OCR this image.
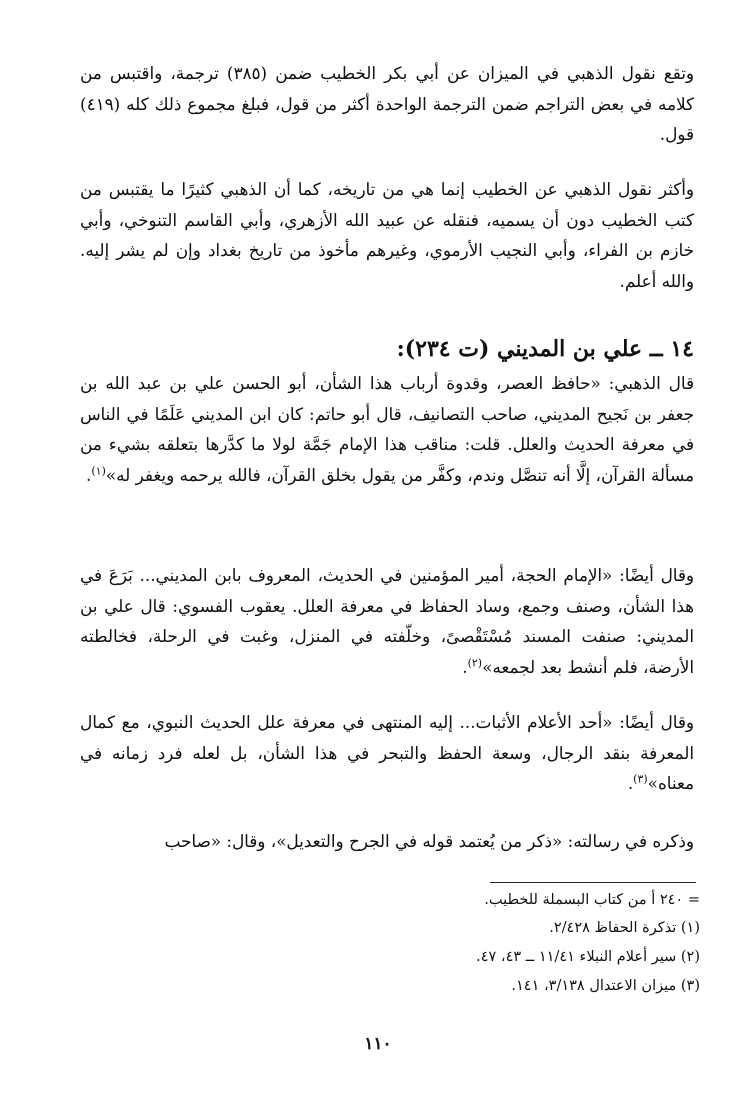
وتقع نقول الذهبي في الميزان عن أبي بكر الخطيب ضمن (٣٨٥) ترجمة، واقتبس من كلامه في بعض التراجم ضمن الترجمة الواحدة أكثر من قول، فبلغ مجموع ذلك كله (٤١٩) قول.

وأكثر نقول الذهبي عن الخطيب إنما هي من تاريخه، كما أن الذهبي كثيرًا ما يقتبس من كتب الخطيب دون أن يسميه، فنقله عن عبيد الله الأزهري، وأبي القاسم التنوخي، وأبي خازم بن الفراء، وأبي النجيب الأرموي، وغيرهم مأخوذ من تاريخ بغداد وإن لم يشر إليه. والله أعلم.

١٤ ــ علي بن المديني (ت ٢٣٤):

قال الذهبي: «حافظ العصر، وقدوة أرباب هذا الشأن، أبو الحسن علي بن عبد الله بن جعفر بن نَجيح المديني، صاحب التصانيف، قال أبو حاتم: كان ابن المديني عَلَمًا في الناس في معرفة الحديث والعلل. قلت: مناقب هذا الإمام جَمَّة لولا ما كدَّرها بتعلقه بشيء من مسألة القرآن، إلَّا أنه تنصَّل وندم، وكفَّر من يقول بخلق القرآن، فالله يرحمه ويغفر له»$^{(١)}$.

وقال أيضًا: «الإمام الحجة، أمير المؤمنين في الحديث، المعروف بابن المديني... بَرَعَ في هذا الشأن، وصنف وجمع، وساد الحفاظ في معرفة العلل. يعقوب الفسوي: قال علي بن المديني: صنفت المسند مُسْتَقْصىً، وخلّفته في المنزل، وغبت في الرحلة، فخالطته الأرضة، فلم أنشط بعد لجمعه»$^{(٢)}$.

وقال أيضًا: «أحد الأعلام الأثبات... إليه المنتهى في معرفة علل الحديث النبوي، مع كمال المعرفة بنقد الرجال، وسعة الحفظ والتبحر في هذا الشأن، بل لعله فرد زمانه في معناه»$^{(٣)}$.

وذكره في رسالته: «ذكر من يُعتمد قوله في الجرح والتعديل»، وقال: «صاحب

= ٢٤٠ أ من كتاب البسملة للخطيب.
(١) تذكرة الحفاظ ٢/٤٢٨.
(٢) سير أعلام النبلاء ١١/٤١ ــ ٤٣، ٤٧.
(٣) ميزان الاعتدال ٣/١٣٨، ١٤١.
١١٠
